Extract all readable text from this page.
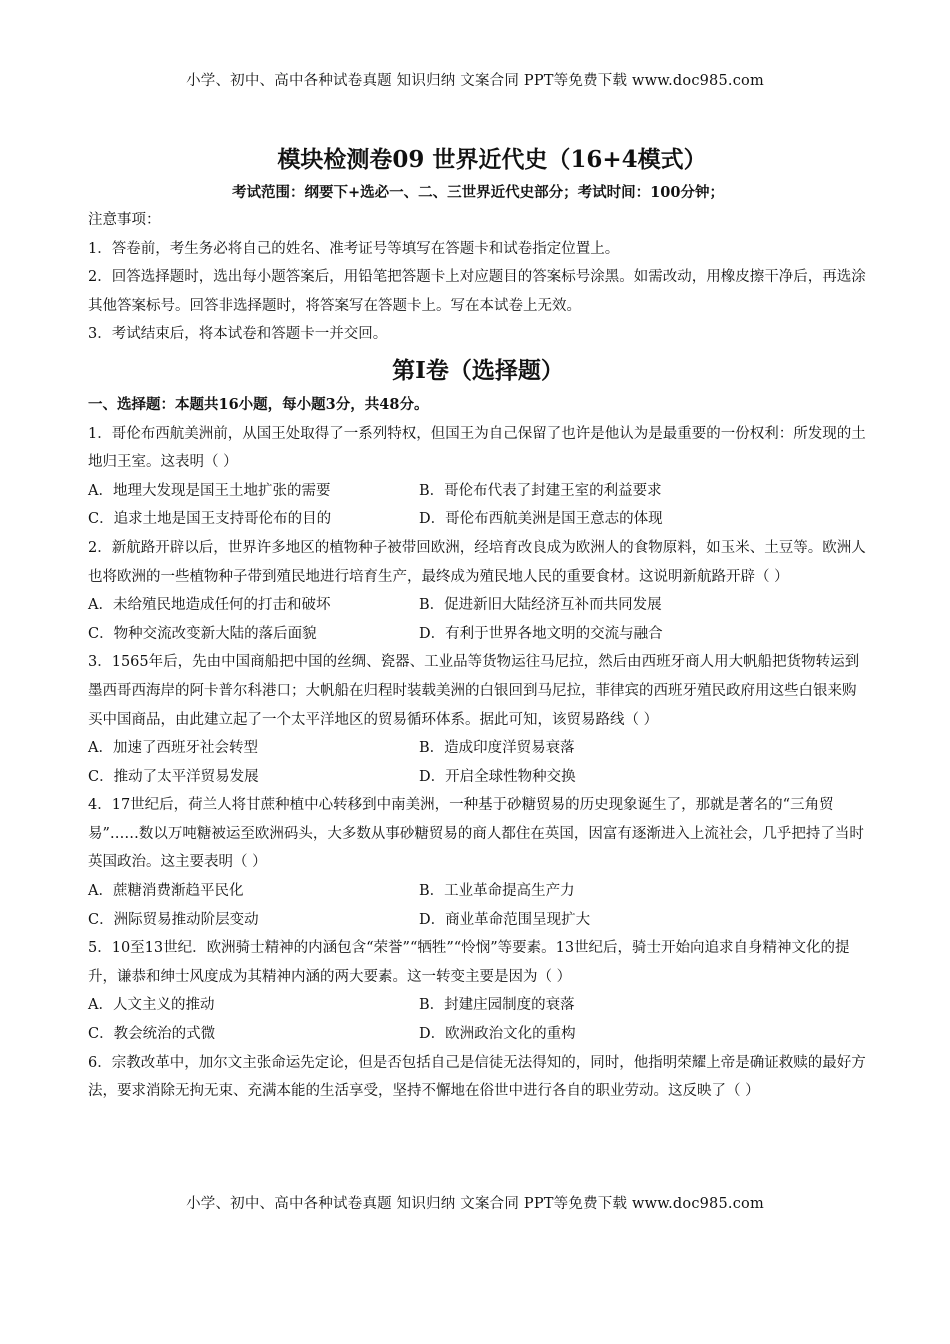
小学、初中、高中各种试卷真题 知识归纳 文案合同 PPT等免费下载 www.doc985.com
模块检测卷09 世界近代史（16+4模式）
考试范围：纲要下+选必一、二、三世界近代史部分；考试时间：100分钟；
注意事项：
1．答卷前，考生务必将自己的姓名、准考证号等填写在答题卡和试卷指定位置上。
2．回答选择题时，选出每小题答案后，用铅笔把答题卡上对应题目的答案标号涂黑。如需改动，用橡皮擦干净后，再选涂其他答案标号。回答非选择题时，将答案写在答题卡上。写在本试卷上无效。
3．考试结束后，将本试卷和答题卡一并交回。
第I卷（选择题）
一、选择题：本题共16小题，每小题3分，共48分。
1．哥伦布西航美洲前，从国王处取得了一系列特权，但国王为自己保留了也许是他认为是最重要的一份权利：所发现的土地归王室。这表明（ ）
A．地理大发现是国王土地扩张的需要	B．哥伦布代表了封建王室的利益要求
C．追求土地是国王支持哥伦布的目的	D．哥伦布西航美洲是国王意志的体现
2．新航路开辟以后，世界许多地区的植物种子被带回欧洲，经培育改良成为欧洲人的食物原料，如玉米、土豆等。欧洲人也将欧洲的一些植物种子带到殖民地进行培育生产，最终成为殖民地人民的重要食材。这说明新航路开辟（ ）
A．未给殖民地造成任何的打击和破坏	B．促进新旧大陆经济互补而共同发展
C．物种交流改变新大陆的落后面貌	D．有利于世界各地文明的交流与融合
3．1565年后，先由中国商船把中国的丝绸、瓷器、工业品等货物运往马尼拉，然后由西班牙商人用大帆船把货物转运到墨西哥西海岸的阿卡普尔科港口；大帆船在归程时装载美洲的白银回到马尼拉，菲律宾的西班牙殖民政府用这些白银来购买中国商品，由此建立起了一个太平洋地区的贸易循环体系。据此可知，该贸易路线（ ）
A．加速了西班牙社会转型	B．造成印度洋贸易衰落
C．推动了太平洋贸易发展	D．开启全球性物种交换
4．17世纪后，荷兰人将甘蔗种植中心转移到中南美洲，一种基于砂糖贸易的历史现象诞生了，那就是著名的“三角贸易”……数以万吨糖被运至欧洲码头，大多数从事砂糖贸易的商人都住在英国，因富有逐渐进入上流社会，几乎把持了当时英国政治。这主要表明（ ）
A．蔗糖消费渐趋平民化	B．工业革命提高生产力
C．洲际贸易推动阶层变动	D．商业革命范围呈现扩大
5．10至13世纪．欧洲骑士精神的内涵包含“荣誉”“牺牲”“怜悯”等要素。13世纪后，骑士开始向追求自身精神文化的提升，谦恭和绅士风度成为其精神内涵的两大要素。这一转变主要是因为（ ）
A．人文主义的推动	B．封建庄园制度的衰落
C．教会统治的式微	D．欧洲政治文化的重构
6．宗教改革中，加尔文主张命运先定论，但是否包括自己是信徒无法得知的，同时，他指明荣耀上帝是确证救赎的最好方法，要求消除无拘无束、充满本能的生活享受，坚持不懈地在俗世中进行各自的职业劳动。这反映了（ ）
小学、初中、高中各种试卷真题 知识归纳 文案合同 PPT等免费下载 www.doc985.com
